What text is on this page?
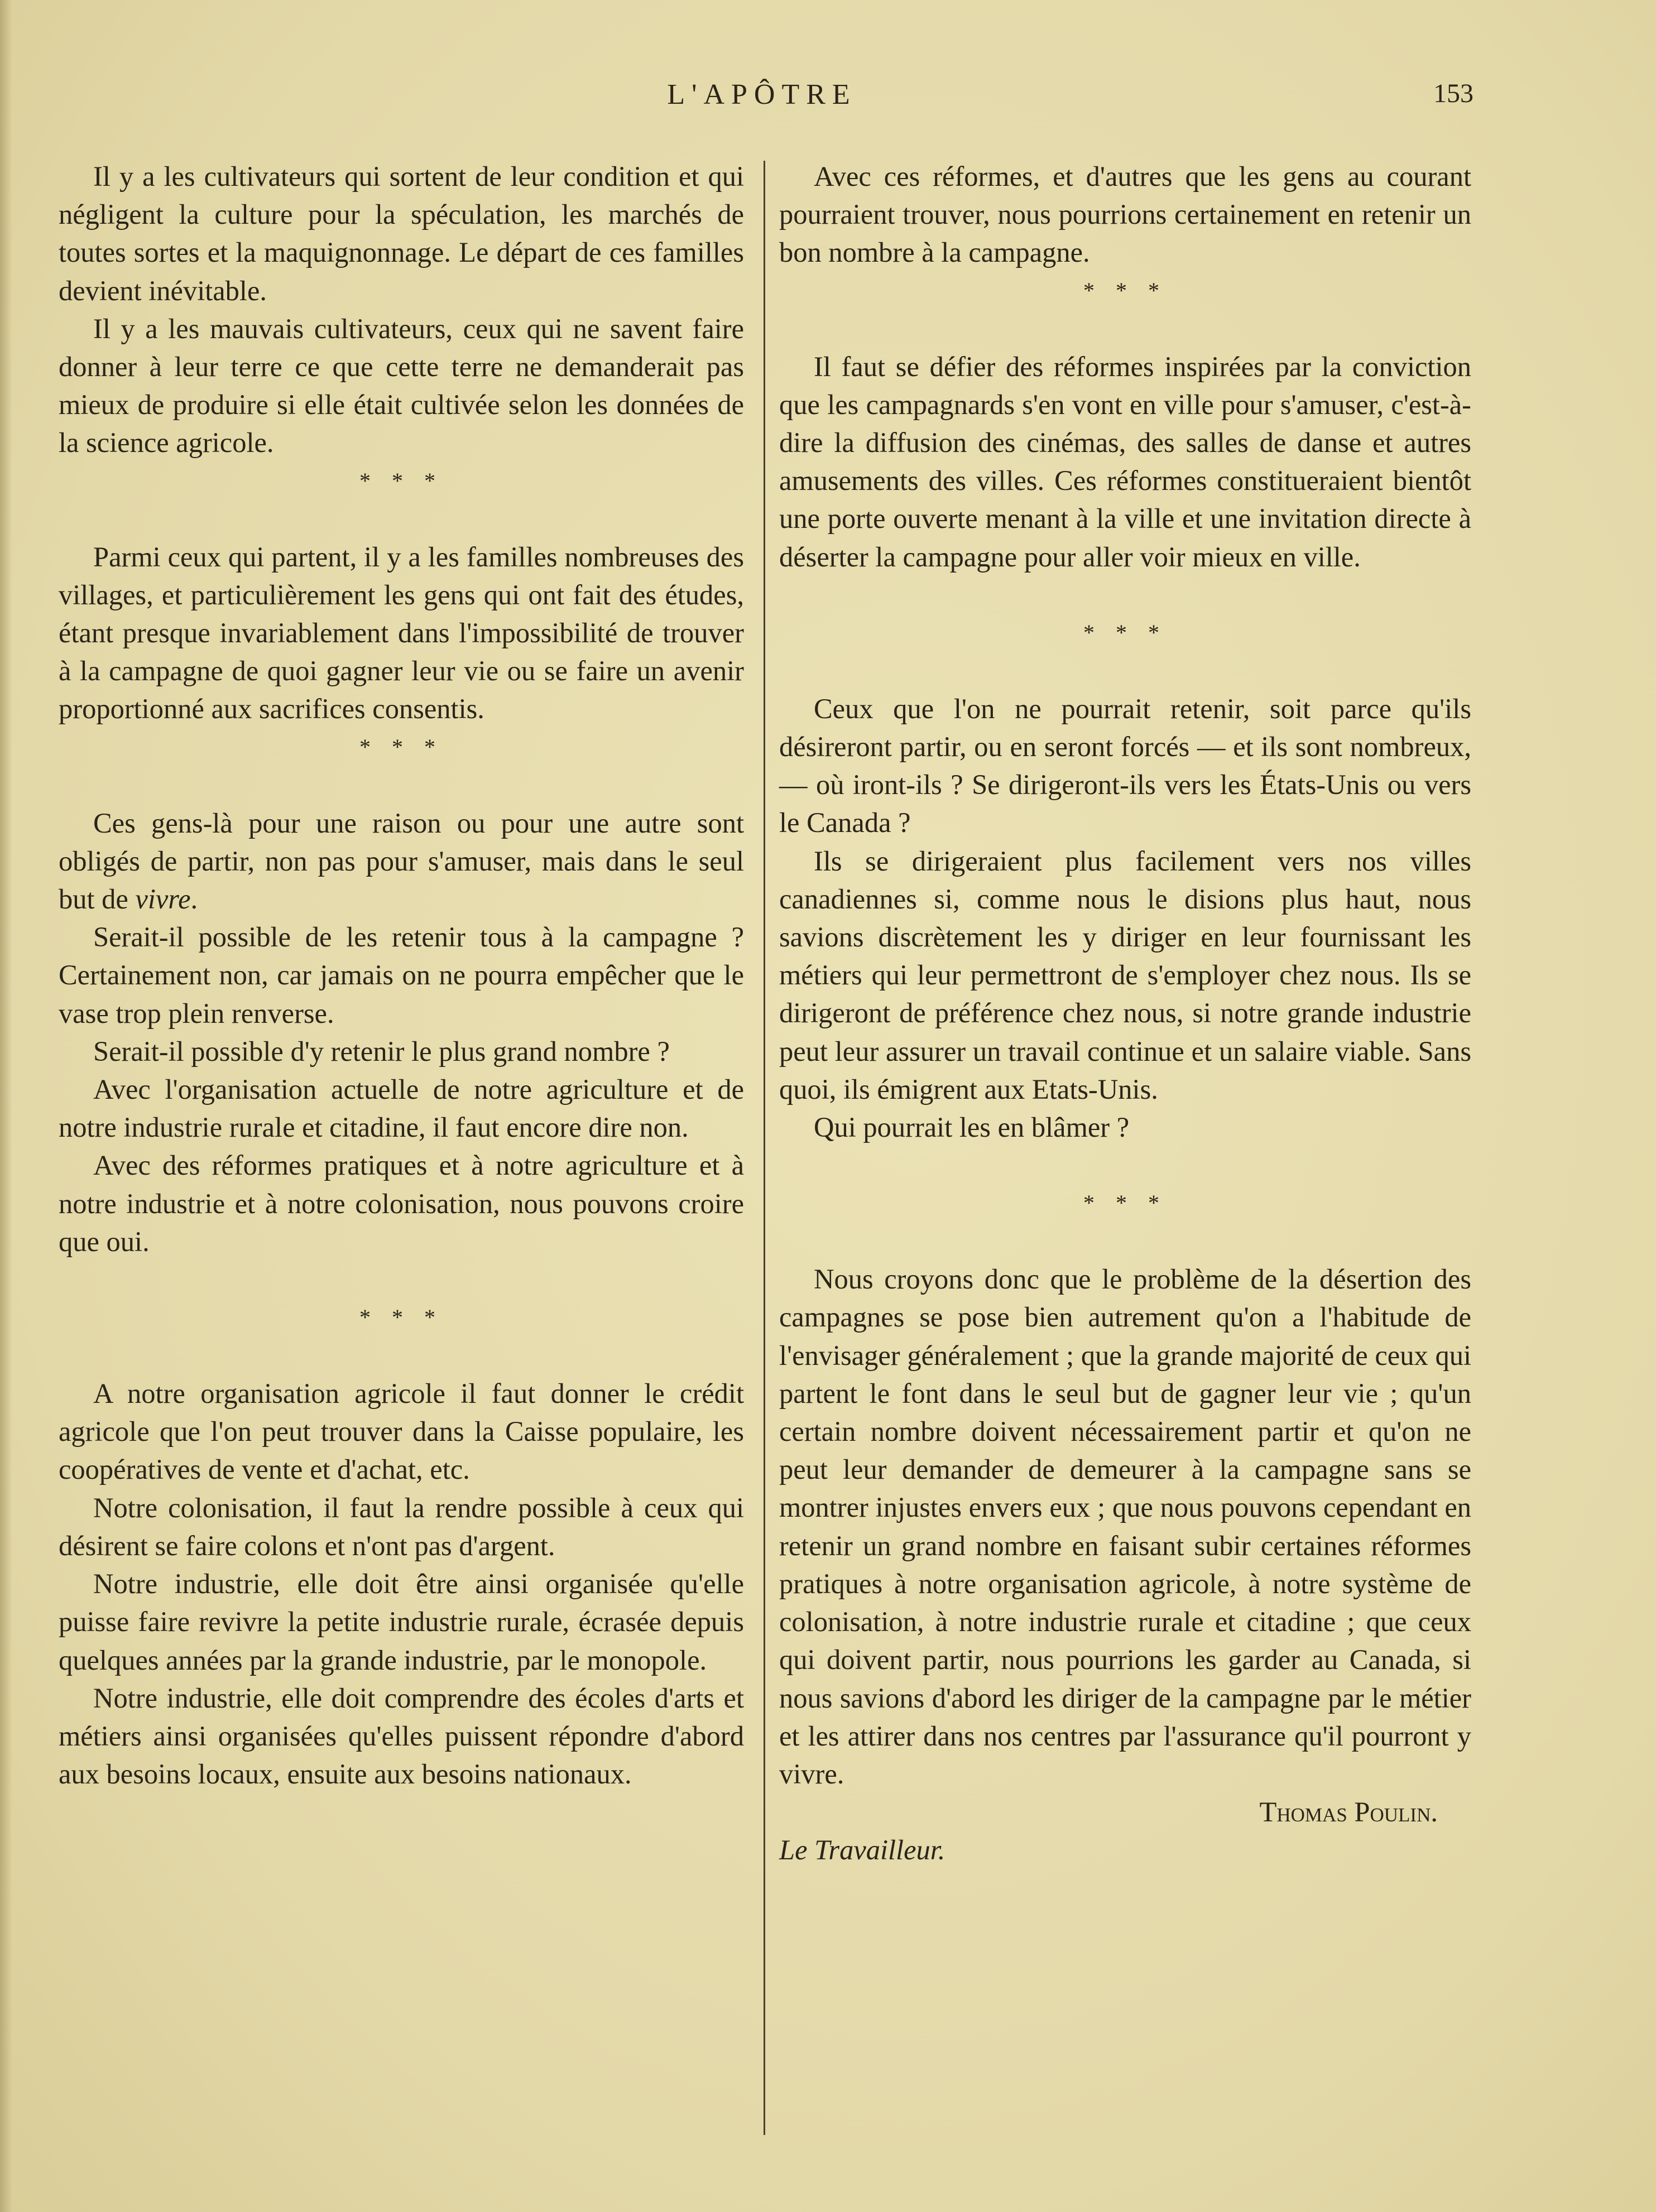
L'APÔTRE	153

Il y a les cultivateurs qui sortent de leur condition et qui négligent la culture pour la spéculation, les marchés de toutes sortes et la maquignonnage. Le départ de ces familles devient inévitable.

Il y a les mauvais cultivateurs, ceux qui ne savent faire donner à leur terre ce que cette terre ne demanderait pas mieux de produire si elle était cultivée selon les données de la science agricole.

* * *

Parmi ceux qui partent, il y a les familles nombreuses des villages, et particulièrement les gens qui ont fait des études, étant presque invariablement dans l'impossibilité de trouver à la campagne de quoi gagner leur vie ou se faire un avenir proportionné aux sacrifices consentis.

* * *

Ces gens-là pour une raison ou pour une autre sont obligés de partir, non pas pour s'amuser, mais dans le seul but de vivre.

Serait-il possible de les retenir tous à la campagne ? Certainement non, car jamais on ne pourra empêcher que le vase trop plein renverse.

Serait-il possible d'y retenir le plus grand nombre ?

Avec l'organisation actuelle de notre agriculture et de notre industrie rurale et citadine, il faut encore dire non.

Avec des réformes pratiques et à notre agriculture et à notre industrie et à notre colonisation, nous pouvons croire que oui.

* * *

A notre organisation agricole il faut donner le crédit agricole que l'on peut trouver dans la Caisse populaire, les coopératives de vente et d'achat, etc.

Notre colonisation, il faut la rendre possible à ceux qui désirent se faire colons et n'ont pas d'argent.

Notre industrie, elle doit être ainsi organisée qu'elle puisse faire revivre la petite industrie rurale, écrasée depuis quelques années par la grande industrie, par le monopole.

Notre industrie, elle doit comprendre des écoles d'arts et métiers ainsi organisées qu'elles puissent répondre d'abord aux besoins locaux, ensuite aux besoins nationaux.

Avec ces réformes, et d'autres que les gens au courant pourraient trouver, nous pourrions certainement en retenir un bon nombre à la campagne.

* * *

Il faut se défier des réformes inspirées par la conviction que les campagnards s'en vont en ville pour s'amuser, c'est-à-dire la diffusion des cinémas, des salles de danse et autres amusements des villes. Ces réformes constitueraient bientôt une porte ouverte menant à la ville et une invitation directe à déserter la campagne pour aller voir mieux en ville.

* * *

Ceux que l'on ne pourrait retenir, soit parce qu'ils désireront partir, ou en seront forcés — et ils sont nombreux,— où iront-ils ? Se dirigeront-ils vers les États-Unis ou vers le Canada ?

Ils se dirigeraient plus facilement vers nos villes canadiennes si, comme nous le disions plus haut, nous savions discrètement les y diriger en leur fournissant les métiers qui leur permettront de s'employer chez nous. Ils se dirigeront de préférence chez nous, si notre grande industrie peut leur assurer un travail continue et un salaire viable. Sans quoi, ils émigrent aux Etats-Unis.

Qui pourrait les en blâmer ?

* * *

Nous croyons donc que le problème de la désertion des campagnes se pose bien autrement qu'on a l'habitude de l'envisager généralement ; que la grande majorité de ceux qui partent le font dans le seul but de gagner leur vie ; qu'un certain nombre doivent nécessairement partir et qu'on ne peut leur demander de demeurer à la campagne sans se montrer injustes envers eux ; que nous pouvons cependant en retenir un grand nombre en faisant subir certaines réformes pratiques à notre organisation agricole, à notre système de colonisation, à notre industrie rurale et citadine ; que ceux qui doivent partir, nous pourrions les garder au Canada, si nous savions d'abord les diriger de la campagne par le métier et les attirer dans nos centres par l'assurance qu'il pourront y vivre.

Thomas Poulin.

Le Travailleur.
